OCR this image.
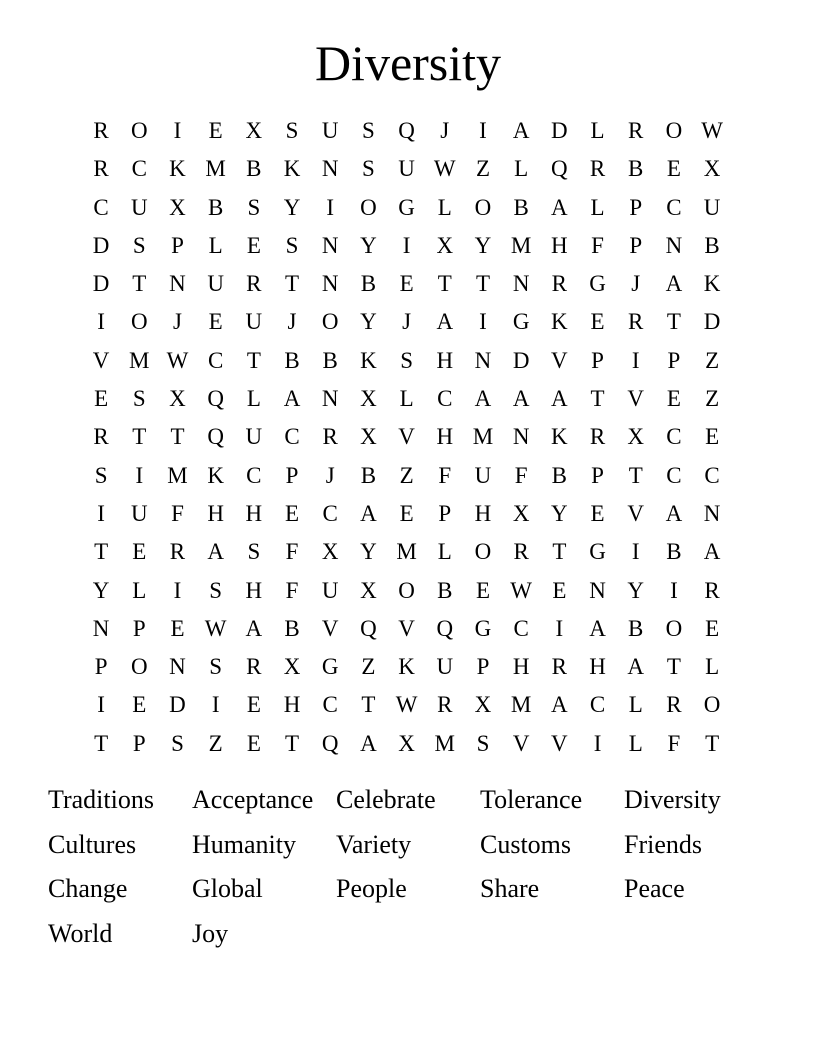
Diversity
R O	I	E X	S	U	S	Q	J	I	A D L	R O W
R C K M B K N	S	U W Z	L Q R B	E X
C U X B	S	Y	I	O G L O B A L	P	C U
D	S	P	L	E	S	N Y	I	X Y M H	F	P	N B
D T N U R	T N B	E	T	T N R G	J	A K
I	O	J	E U	J	O Y	J	A	I	G K E	R	T D
V M W C	T	B B K	S	H N D V	P	I	P	Z
E	S	X Q L A N X L	C A A A T V E	Z
R	T	T Q U C R X V H M N K R X C	E
S	I	M K C	P	J	B	Z	F	U	F	B	P	T	C C
I	U	F	H H E	C A E	P	H X Y E V A N
T	E	R A	S	F	X Y M L O R	T G	I	B A
Y L	I	S	H	F	U X O B	E W E N Y	I	R
N	P	E W A B V Q V Q G C	I	A B O E
P	O N	S	R X G Z K U	P	H R H A T	L
I	E D	I	E H C	T W R X M A C	L	R O
T	P	S	Z	E	T Q A X M S	V V	I	L	F	T
Traditions	Acceptance Celebrate	Tolerance	Diversity
Cultures	Humanity	Variety	Customs	Friends
Change	Global	People	Share	Peace
World	Joy
